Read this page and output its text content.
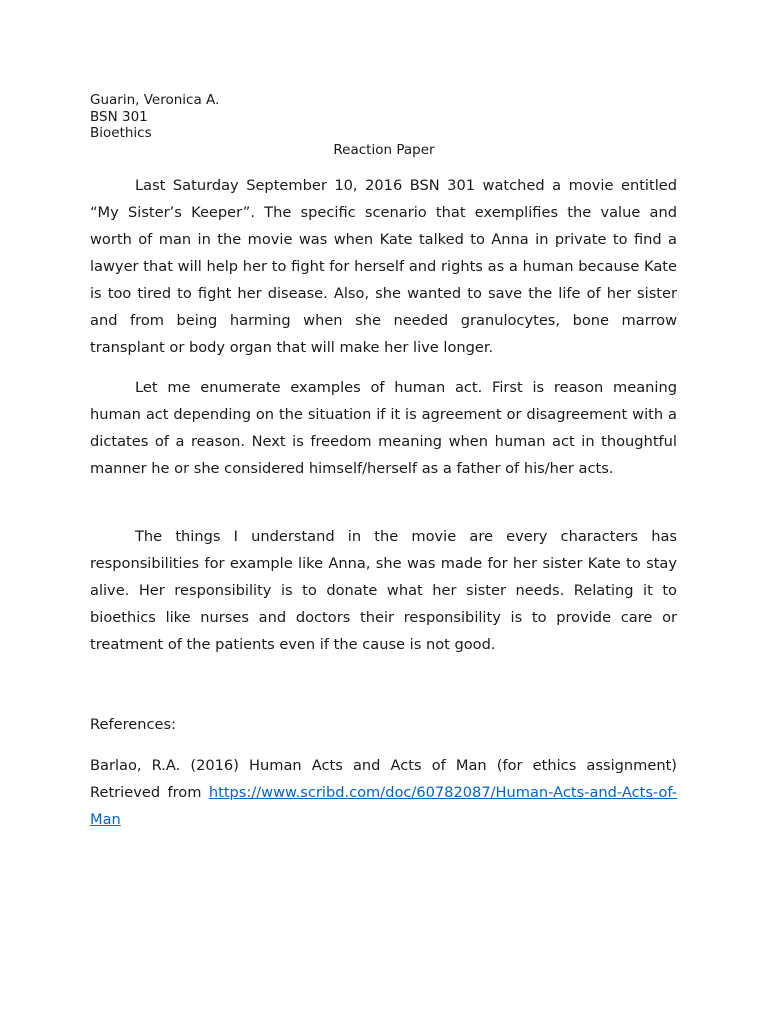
Guarin, Veronica A.
BSN 301
Bioethics
Reaction Paper

Last Saturday September 10, 2016 BSN 301 watched a movie entitled “My Sister’s Keeper”. The specific scenario that exemplifies the value and worth of man in the movie was when Kate talked to Anna in private to find a lawyer that will help her to fight for herself and rights as a human because Kate is too tired to fight her disease. Also, she wanted to save the life of her sister and from being harming when she needed granulocytes, bone marrow transplant or body organ that will make her live longer.

Let me enumerate examples of human act. First is reason meaning human act depending on the situation if it is agreement or disagreement with a dictates of a reason. Next is freedom meaning when human act in thoughtful manner he or she considered himself/herself as a father of his/her acts.

The things I understand in the movie are every characters has responsibilities for example like Anna, she was made for her sister Kate to stay alive. Her responsibility is to donate what her sister needs. Relating it to bioethics like nurses and doctors their responsibility is to provide care or treatment of the patients even if the cause is not good.

References:

Barlao, R.A. (2016) Human Acts and Acts of Man (for ethics assignment) Retrieved from https://www.scribd.com/doc/60782087/Human-Acts-and-Acts-of-Man
